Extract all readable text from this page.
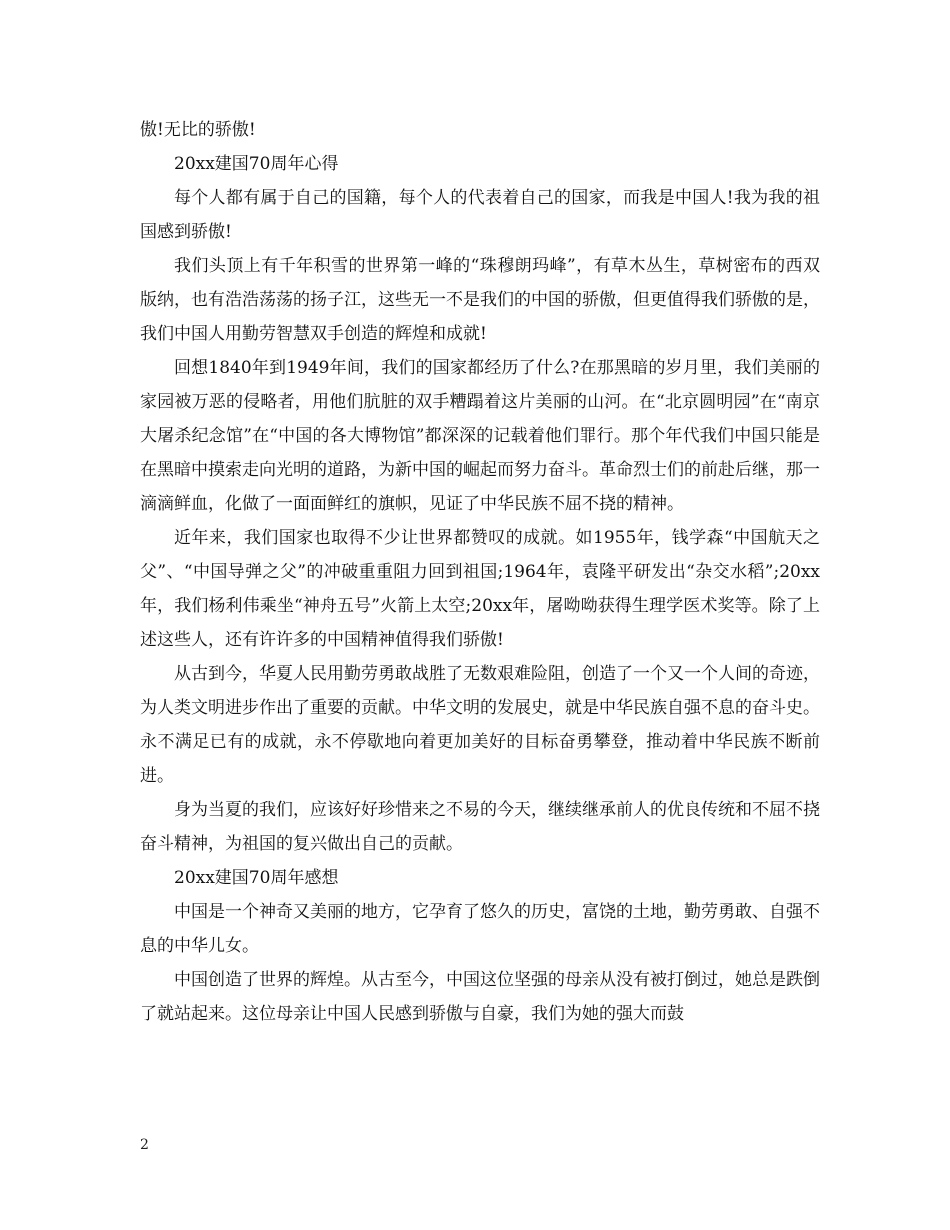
傲!无比的骄傲!

20xx建国70周年心得

每个人都有属于自己的国籍，每个人的代表着自己的国家，而我是中国人!我为我的祖国感到骄傲!

我们头顶上有千年积雪的世界第一峰的“珠穆朗玛峰”，有草木丛生，草树密布的西双版纳，也有浩浩荡荡的扬子江，这些无一不是我们的中国的骄傲，但更值得我们骄傲的是，我们中国人用勤劳智慧双手创造的辉煌和成就!

回想1840年到1949年间，我们的国家都经历了什么?在那黑暗的岁月里，我们美丽的家园被万恶的侵略者，用他们肮脏的双手糟蹋着这片美丽的山河。在“北京圆明园”在“南京大屠杀纪念馆”在“中国的各大博物馆”都深深的记载着他们罪行。那个年代我们中国只能是在黑暗中摸索走向光明的道路，为新中国的崛起而努力奋斗。革命烈士们的前赴后继，那一滴滴鲜血，化做了一面面鲜红的旗帜，见证了中华民族不屈不挠的精神。

近年来，我们国家也取得不少让世界都赞叹的成就。如1955年，钱学森“中国航天之父”、“中国导弹之父”的冲破重重阻力回到祖国;1964年，袁隆平研发出“杂交水稻”;20xx年，我们杨利伟乘坐“神舟五号”火箭上太空;20xx年，屠呦呦获得生理学医术奖等。除了上述这些人，还有许许多的中国精神值得我们骄傲!

从古到今，华夏人民用勤劳勇敢战胜了无数艰难险阻，创造了一个又一个人间的奇迹，为人类文明进步作出了重要的贡献。中华文明的发展史，就是中华民族自强不息的奋斗史。永不满足已有的成就，永不停歇地向着更加美好的目标奋勇攀登，推动着中华民族不断前进。

身为当夏的我们，应该好好珍惜来之不易的今天，继续继承前人的优良传统和不屈不挠奋斗精神，为祖国的复兴做出自己的贡献。

20xx建国70周年感想

中国是一个神奇又美丽的地方，它孕育了悠久的历史，富饶的土地，勤劳勇敢、自强不息的中华儿女。

中国创造了世界的辉煌。从古至今，中国这位坚强的母亲从没有被打倒过，她总是跌倒了就站起来。这位母亲让中国人民感到骄傲与自豪，我们为她的强大而鼓

2
